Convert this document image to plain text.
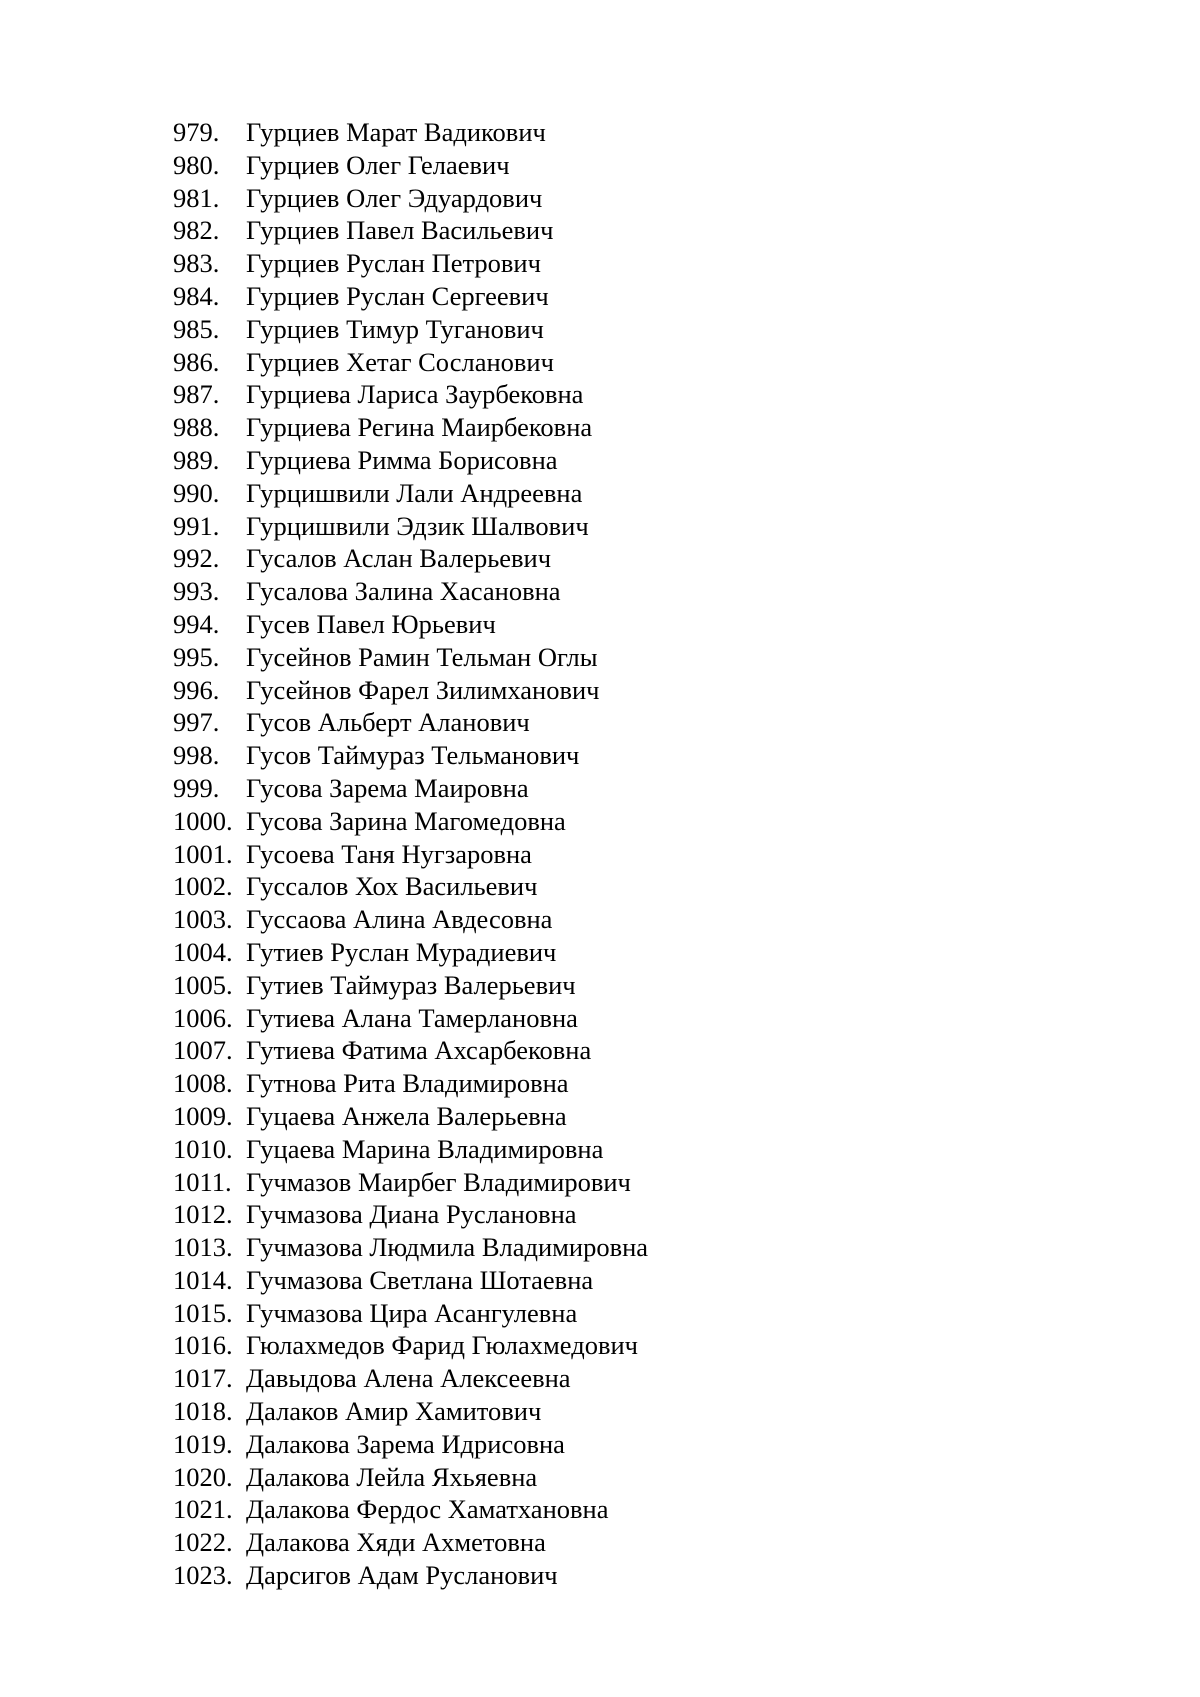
979.	Гурциев Марат Вадикович
980.	Гурциев Олег Гелаевич
981.	Гурциев Олег Эдуардович
982.	Гурциев Павел Васильевич
983.	Гурциев Руслан Петрович
984.	Гурциев Руслан Сергеевич
985.	Гурциев Тимур Туганович
986.	Гурциев Хетаг Сосланович
987.	Гурциева Лариса Заурбековна
988.	Гурциева Регина Маирбековна
989.	Гурциева Римма Борисовна
990.	Гурцишвили Лали Андреевна
991.	Гурцишвили Эдзик Шалвович
992.	Гусалов Аслан Валерьевич
993.	Гусалова Залина Хасановна
994.	Гусев Павел Юрьевич
995.	Гусейнов Рамин Тельман Оглы
996.	Гусейнов Фарел Зилимханович
997.	Гусов Альберт Аланович
998.	Гусов Таймураз Тельманович
999.	Гусова Зарема Маировна
1000. Гусова Зарина Магомедовна
1001. Гусоева Таня Нугзаровна
1002. Гуссалов Хох Васильевич
1003. Гуссаова Алина Авдесовна
1004. Гутиев Руслан Мурадиевич
1005. Гутиев Таймураз Валерьевич
1006. Гутиева Алана Тамерлановна
1007. Гутиева Фатима Ахсарбековна
1008. Гутнова Рита Владимировна
1009. Гуцаева Анжела Валерьевна
1010. Гуцаева Марина Владимировна
1011. Гучмазов Маирбег Владимирович
1012. Гучмазова Диана Руслановна
1013. Гучмазова Людмила Владимировна
1014. Гучмазова Светлана Шотаевна
1015. Гучмазова Цира Асангулевна
1016. Гюлахмедов Фарид Гюлахмедович
1017. Давыдова Алена Алексеевна
1018. Далаков Амир Хамитович
1019. Далакова Зарема Идрисовна
1020. Далакова Лейла Яхьяевна
1021. Далакова Фердос Хаматхановна
1022. Далакова Хяди Ахметовна
1023. Дарсигов Адам Русланович
